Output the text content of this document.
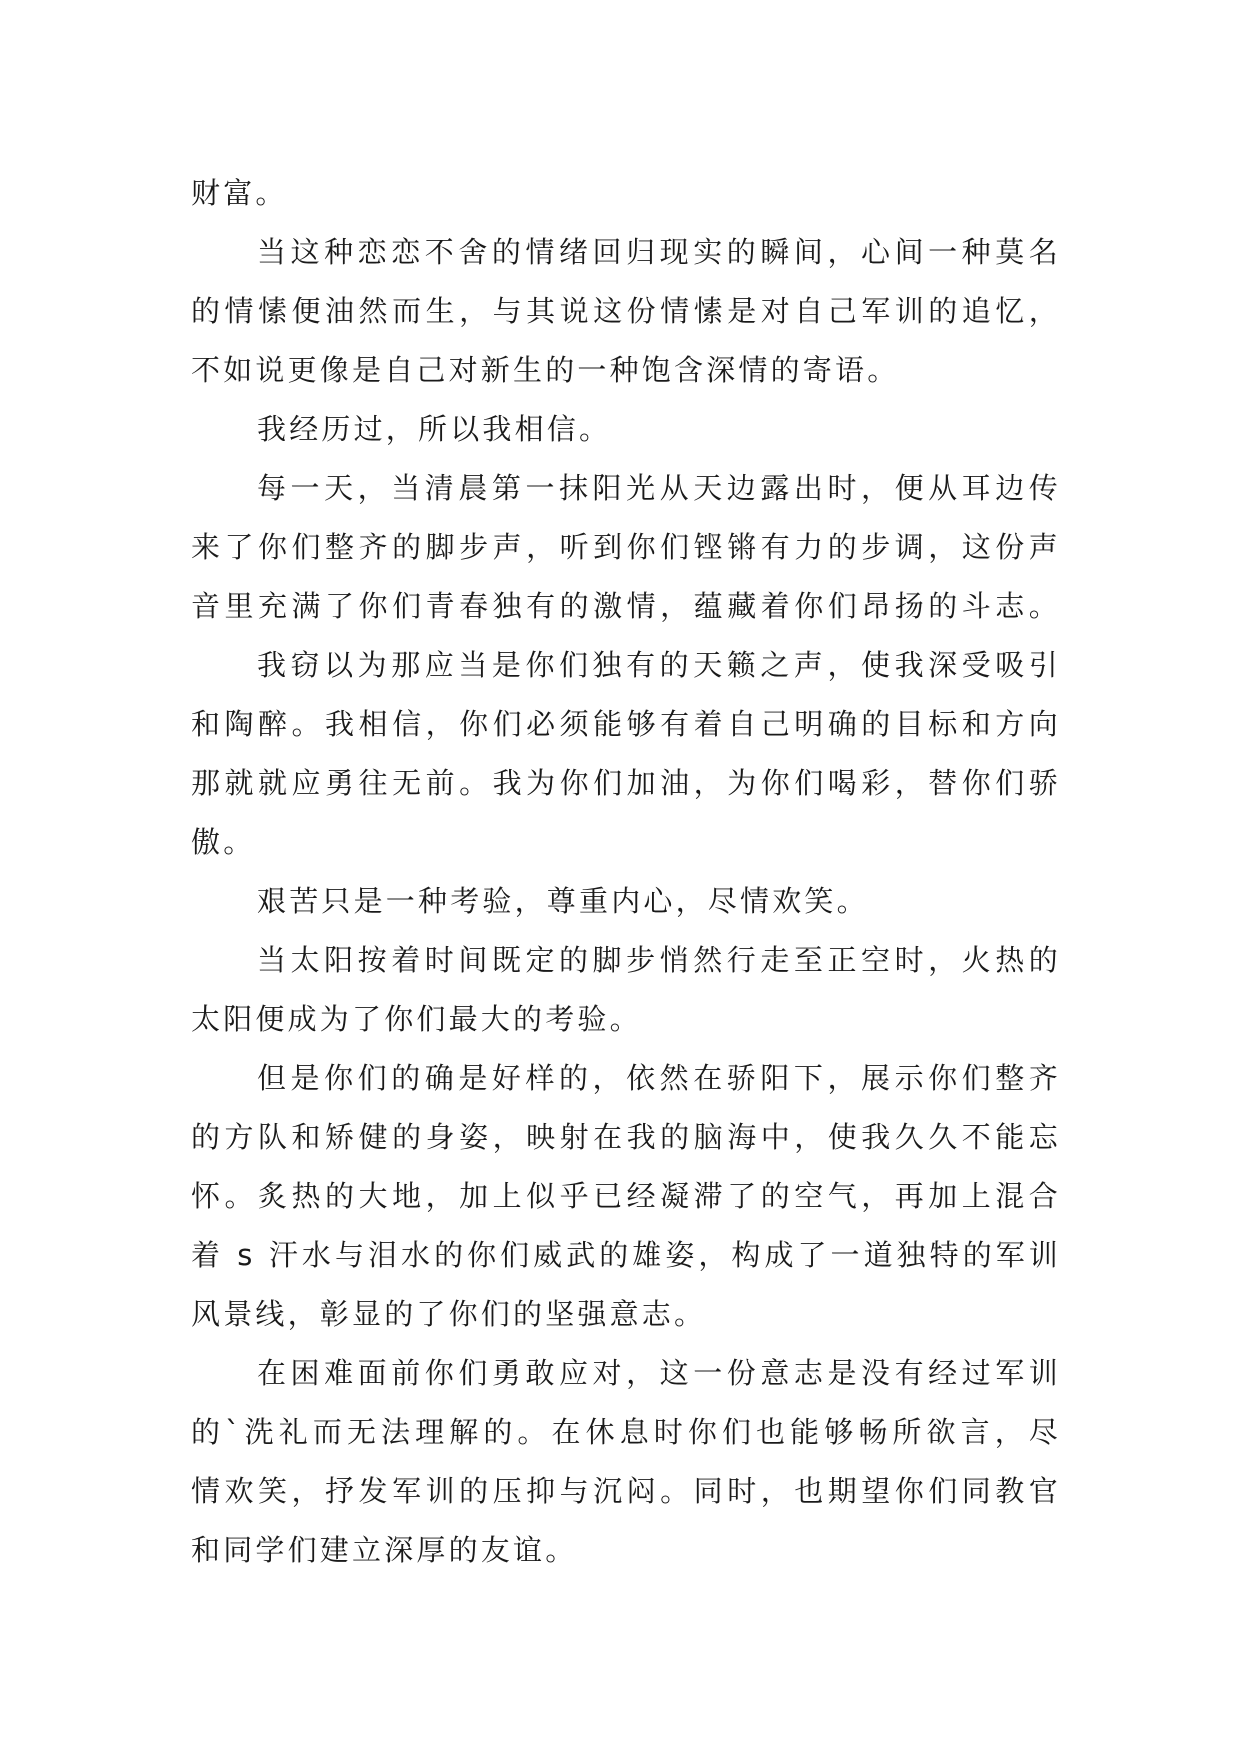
财富。
当这种恋恋不舍的情绪回归现实的瞬间，心间一种莫名
的情愫便油然而生，与其说这份情愫是对自己军训的追忆，
不如说更像是自己对新生的一种饱含深情的寄语。
我经历过，所以我相信。
每一天，当清晨第一抹阳光从天边露出时，便从耳边传
来了你们整齐的脚步声，听到你们铿锵有力的步调，这份声
音里充满了你们青春独有的激情，蕴藏着你们昂扬的斗志。
我窃以为那应当是你们独有的天籁之声，使我深受吸引
和陶醉。我相信，你们必须能够有着自己明确的目标和方向
那就就应勇往无前。我为你们加油，为你们喝彩，替你们骄
傲。
艰苦只是一种考验，尊重内心，尽情欢笑。
当太阳按着时间既定的脚步悄然行走至正空时，火热的
太阳便成为了你们最大的考验。
但是你们的确是好样的，依然在骄阳下，展示你们整齐
的方队和矫健的身姿，映射在我的脑海中，使我久久不能忘
怀。炙热的大地，加上似乎已经凝滞了的空气，再加上混合
着 s 汗水与泪水的你们威武的雄姿，构成了一道独特的军训
风景线，彰显的了你们的坚强意志。
在困难面前你们勇敢应对，这一份意志是没有经过军训
的`洗礼而无法理解的。在休息时你们也能够畅所欲言，尽
情欢笑，抒发军训的压抑与沉闷。同时，也期望你们同教官
和同学们建立深厚的友谊。
